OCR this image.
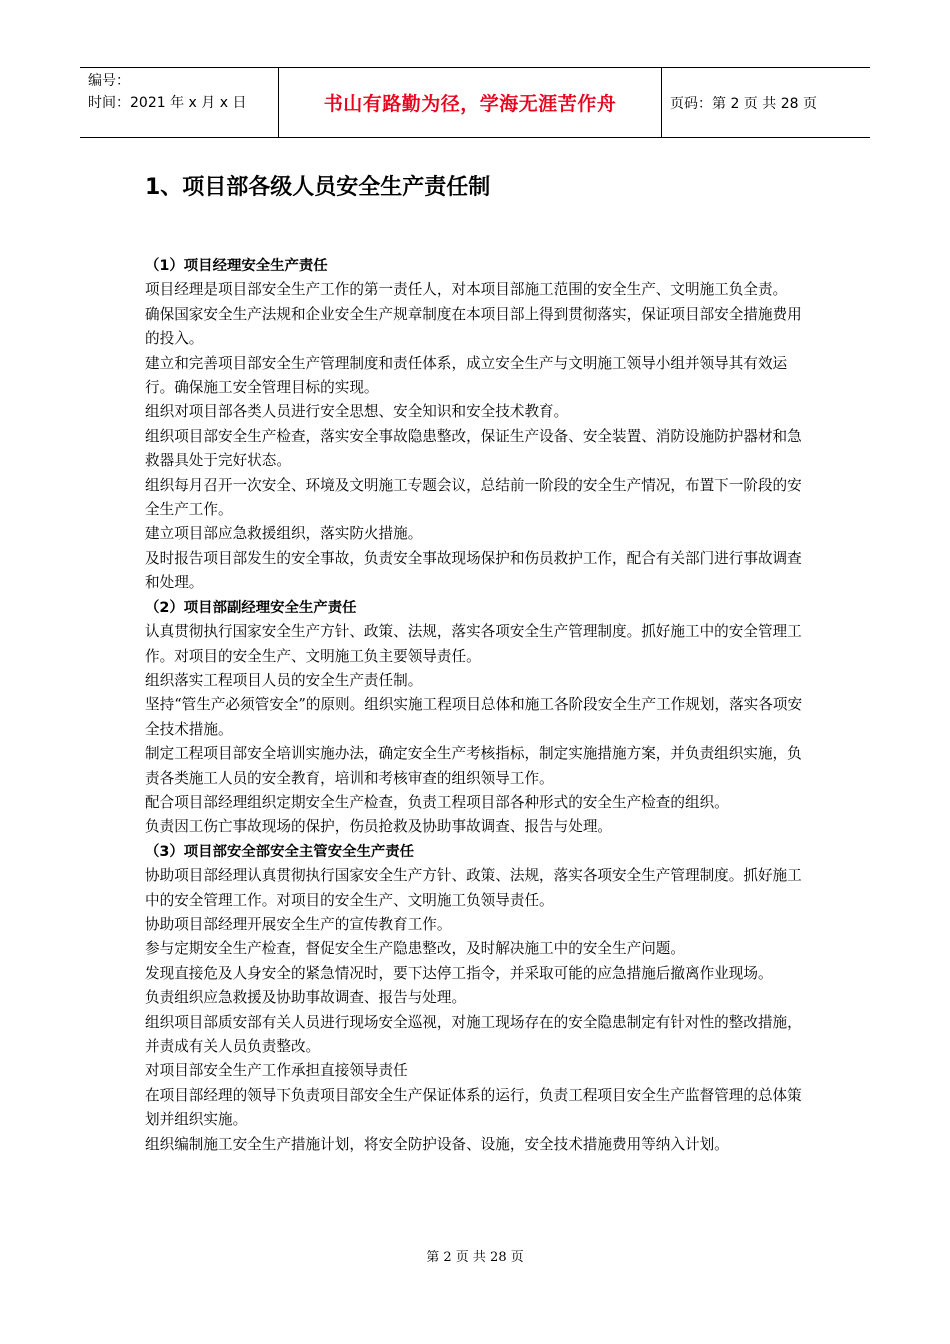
编号：
时间：2021 年 x 月 x 日	书山有路勤为径，学海无涯苦作舟	页码：第 2 页 共 28 页
1、项目部各级人员安全生产责任制

（1）项目经理安全生产责任

项目经理是项目部安全生产工作的第一责任人，对本项目部施工范围的安全生产、文明施工负全责。

确保国家安全生产法规和企业安全生产规章制度在本项目部上得到贯彻落实，保证项目部安全措施费用的投入。

建立和完善项目部安全生产管理制度和责任体系，成立安全生产与文明施工领导小组并领导其有效运行。确保施工安全管理目标的实现。

组织对项目部各类人员进行安全思想、安全知识和安全技术教育。

组织项目部安全生产检查，落实安全事故隐患整改，保证生产设备、安全装置、消防设施防护器材和急救器具处于完好状态。

组织每月召开一次安全、环境及文明施工专题会议，总结前一阶段的安全生产情况，布置下一阶段的安全生产工作。

建立项目部应急救援组织，落实防火措施。

及时报告项目部发生的安全事故，负责安全事故现场保护和伤员救护工作，配合有关部门进行事故调查和处理。

（2）项目部副经理安全生产责任

认真贯彻执行国家安全生产方针、政策、法规，落实各项安全生产管理制度。抓好施工中的安全管理工作。对项目的安全生产、文明施工负主要领导责任。

组织落实工程项目人员的安全生产责任制。

坚持“管生产必须管安全”的原则。组织实施工程项目总体和施工各阶段安全生产工作规划，落实各项安全技术措施。

制定工程项目部安全培训实施办法，确定安全生产考核指标，制定实施措施方案，并负责组织实施，负责各类施工人员的安全教育，培训和考核审查的组织领导工作。

配合项目部经理组织定期安全生产检查，负责工程项目部各种形式的安全生产检查的组织。

负责因工伤亡事故现场的保护，伤员抢救及协助事故调查、报告与处理。

（3）项目部安全部安全主管安全生产责任

协助项目部经理认真贯彻执行国家安全生产方针、政策、法规，落实各项安全生产管理制度。抓好施工中的安全管理工作。对项目的安全生产、文明施工负领导责任。

协助项目部经理开展安全生产的宣传教育工作。

参与定期安全生产检查，督促安全生产隐患整改，及时解决施工中的安全生产问题。

发现直接危及人身安全的紧急情况时，要下达停工指令，并采取可能的应急措施后撤离作业现场。

负责组织应急救援及协助事故调查、报告与处理。

组织项目部质安部有关人员进行现场安全巡视，对施工现场存在的安全隐患制定有针对性的整改措施，并责成有关人员负责整改。

对项目部安全生产工作承担直接领导责任

在项目部经理的领导下负责项目部安全生产保证体系的运行，负责工程项目安全生产监督管理的总体策划并组织实施。

组织编制施工安全生产措施计划，将安全防护设备、设施，安全技术措施费用等纳入计划。

第 2 页 共 28 页
